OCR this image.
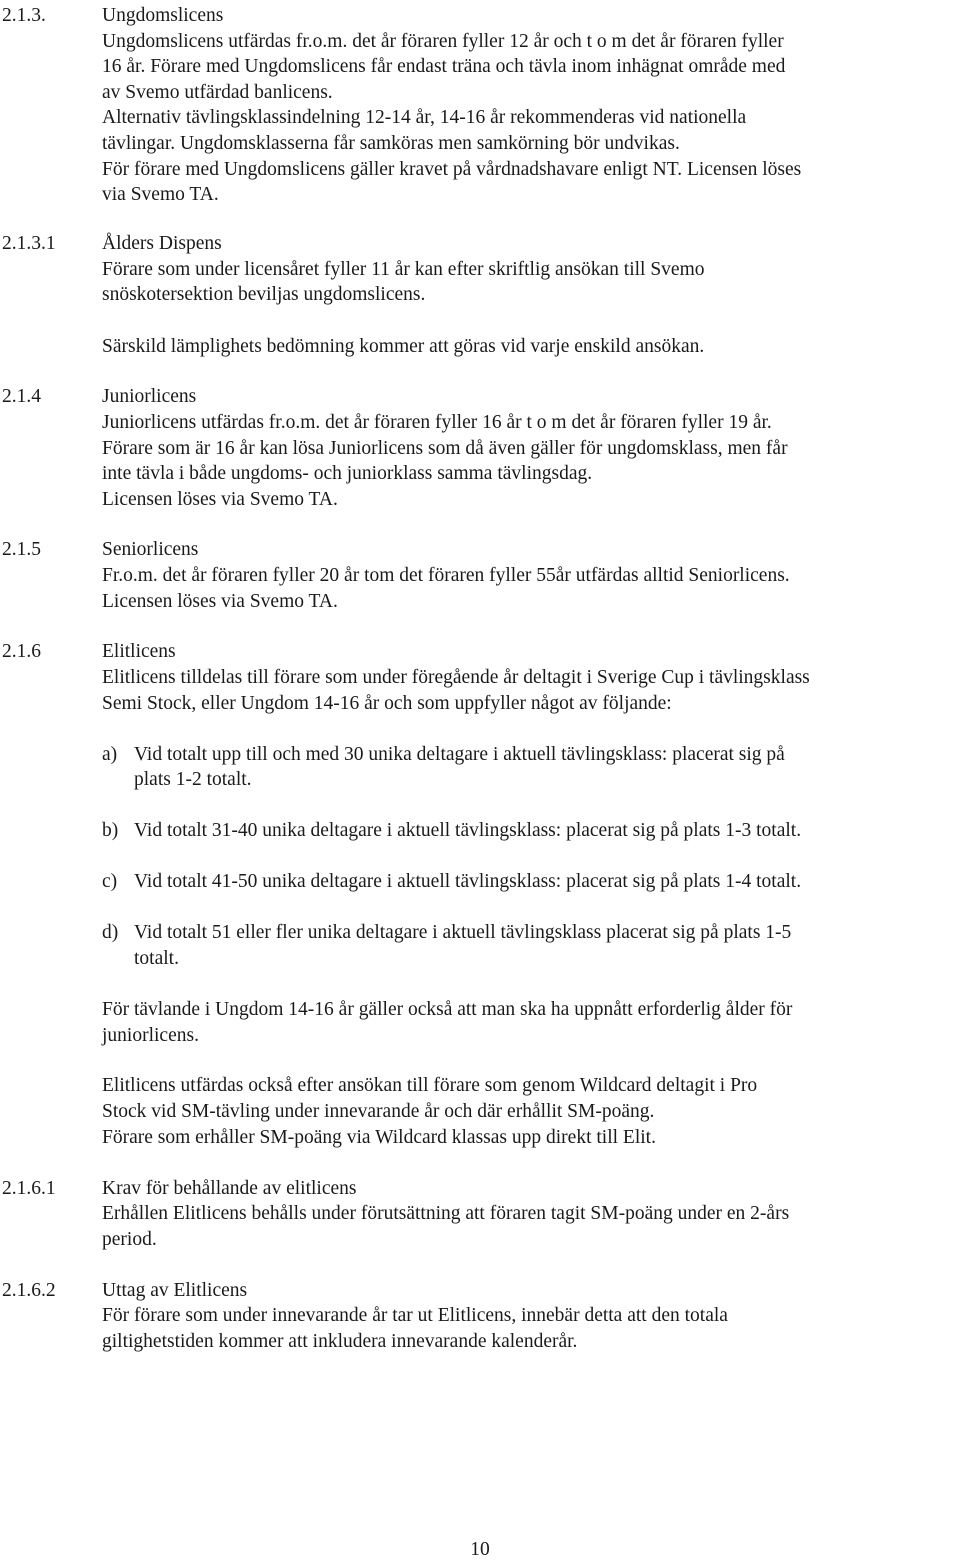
2.1.3.	Ungdomslicens
Ungdomslicens utfärdas fr.o.m. det år föraren fyller 12 år och t o m det år föraren fyller
16 år. Förare med Ungdomslicens får endast träna och tävla inom inhägnat område med
av Svemo utfärdad banlicens.
Alternativ tävlingsklassindelning 12-14 år, 14-16 år rekommenderas vid nationella
tävlingar. Ungdomsklasserna får samköras men samkörning bör undvikas.
För förare med Ungdomslicens gäller kravet på vårdnadshavare enligt NT. Licensen löses
via Svemo TA.
2.1.3.1 Ålders Dispens
Förare som under licensåret fyller 11 år kan efter skriftlig ansökan till Svemo
snöskotersektion beviljas ungdomslicens.
Särskild lämplighets bedömning kommer att göras vid varje enskild ansökan.
2.1.4	Juniorlicens
Juniorlicens utfärdas fr.o.m. det år föraren fyller 16 år t o m det år föraren fyller 19 år.
Förare som är 16 år kan lösa Juniorlicens som då även gäller för ungdomsklass, men får
inte tävla i både ungdoms- och juniorklass samma tävlingsdag.
Licensen löses via Svemo TA.
2.1.5	Seniorlicens
Fr.o.m. det år föraren fyller 20 år tom det föraren fyller 55år utfärdas alltid Seniorlicens.
Licensen löses via Svemo TA.
2.1.6	Elitlicens
Elitlicens tilldelas till förare som under föregående år deltagit i Sverige Cup i tävlingsklass
Semi Stock, eller Ungdom 14-16 år och som uppfyller något av följande:
a) Vid totalt upp till och med 30 unika deltagare i aktuell tävlingsklass: placerat sig på
plats 1-2 totalt.
b) Vid totalt 31-40 unika deltagare i aktuell tävlingsklass: placerat sig på plats 1-3 totalt.
c) Vid totalt 41-50 unika deltagare i aktuell tävlingsklass: placerat sig på plats 1-4 totalt.
d) Vid totalt 51 eller fler unika deltagare i aktuell tävlingsklass placerat sig på plats 1-5
totalt.
För tävlande i Ungdom 14-16 år gäller också att man ska ha uppnått erforderlig ålder för
juniorlicens.
Elitlicens utfärdas också efter ansökan till förare som genom Wildcard deltagit i Pro
Stock vid SM-tävling under innevarande år och där erhållit SM-poäng.
Förare som erhåller SM-poäng via Wildcard klassas upp direkt till Elit.
2.1.6.1 Krav för behållande av elitlicens
Erhållen Elitlicens behålls under förutsättning att föraren tagit SM-poäng under en 2-års
period.
2.1.6.2 Uttag av Elitlicens
För förare som under innevarande år tar ut Elitlicens, innebär detta att den totala
giltighetstiden kommer att inkludera innevarande kalenderår.
10
